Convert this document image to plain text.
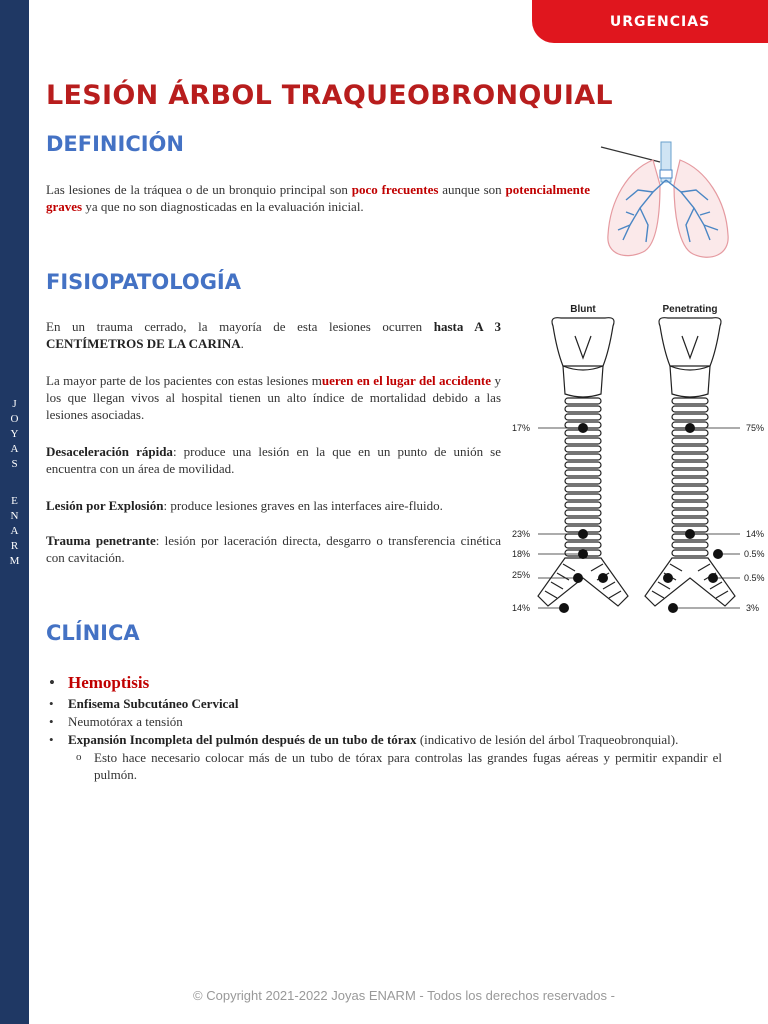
J
O
Y
A
S
E
N
A
R
M
URGENCIAS
LESIÓN ÁRBOL TRAQUEOBRONQUIAL
DEFINICIÓN
Las lesiones de la tráquea o de un bronquio principal son poco frecuentes aunque son potencialmente graves ya que no son diagnosticadas en la evaluación inicial.
FISIOPATOLOGÍA
En un trauma cerrado, la mayoría de esta lesiones ocurren hasta A 3 CENTÍMETROS DE LA CARINA.
La mayor parte de los pacientes con estas lesiones mueren en el lugar del accidente y los que llegan vivos al hospital tienen un alto índice de mortalidad debido a las lesiones asociadas.
Desaceleración rápida: produce una lesión en la que en un punto de unión se encuentra con un área de movilidad.
Lesión por Explosión: produce lesiones graves en las interfaces aire-fluido.
Trauma penetrante: lesión por laceración directa, desgarro o transferencia cinética con cavitación.
Blunt	Penetrating
17%
23%
18%
25%
14%
75%
14%
0.5%
0.5%
3%
CLÍNICA
• Hemoptisis
• Enfisema Subcutáneo Cervical
• Neumotórax a tensión
• Expansión Incompleta del pulmón después de un tubo de tórax (indicativo de lesión del árbol Traqueobronquial).
o Esto hace necesario colocar más de un tubo de tórax para controlas las grandes fugas aéreas y permitir expandir el pulmón.
© Copyright 2021-2022 Joyas ENARM - Todos los derechos reservados -
